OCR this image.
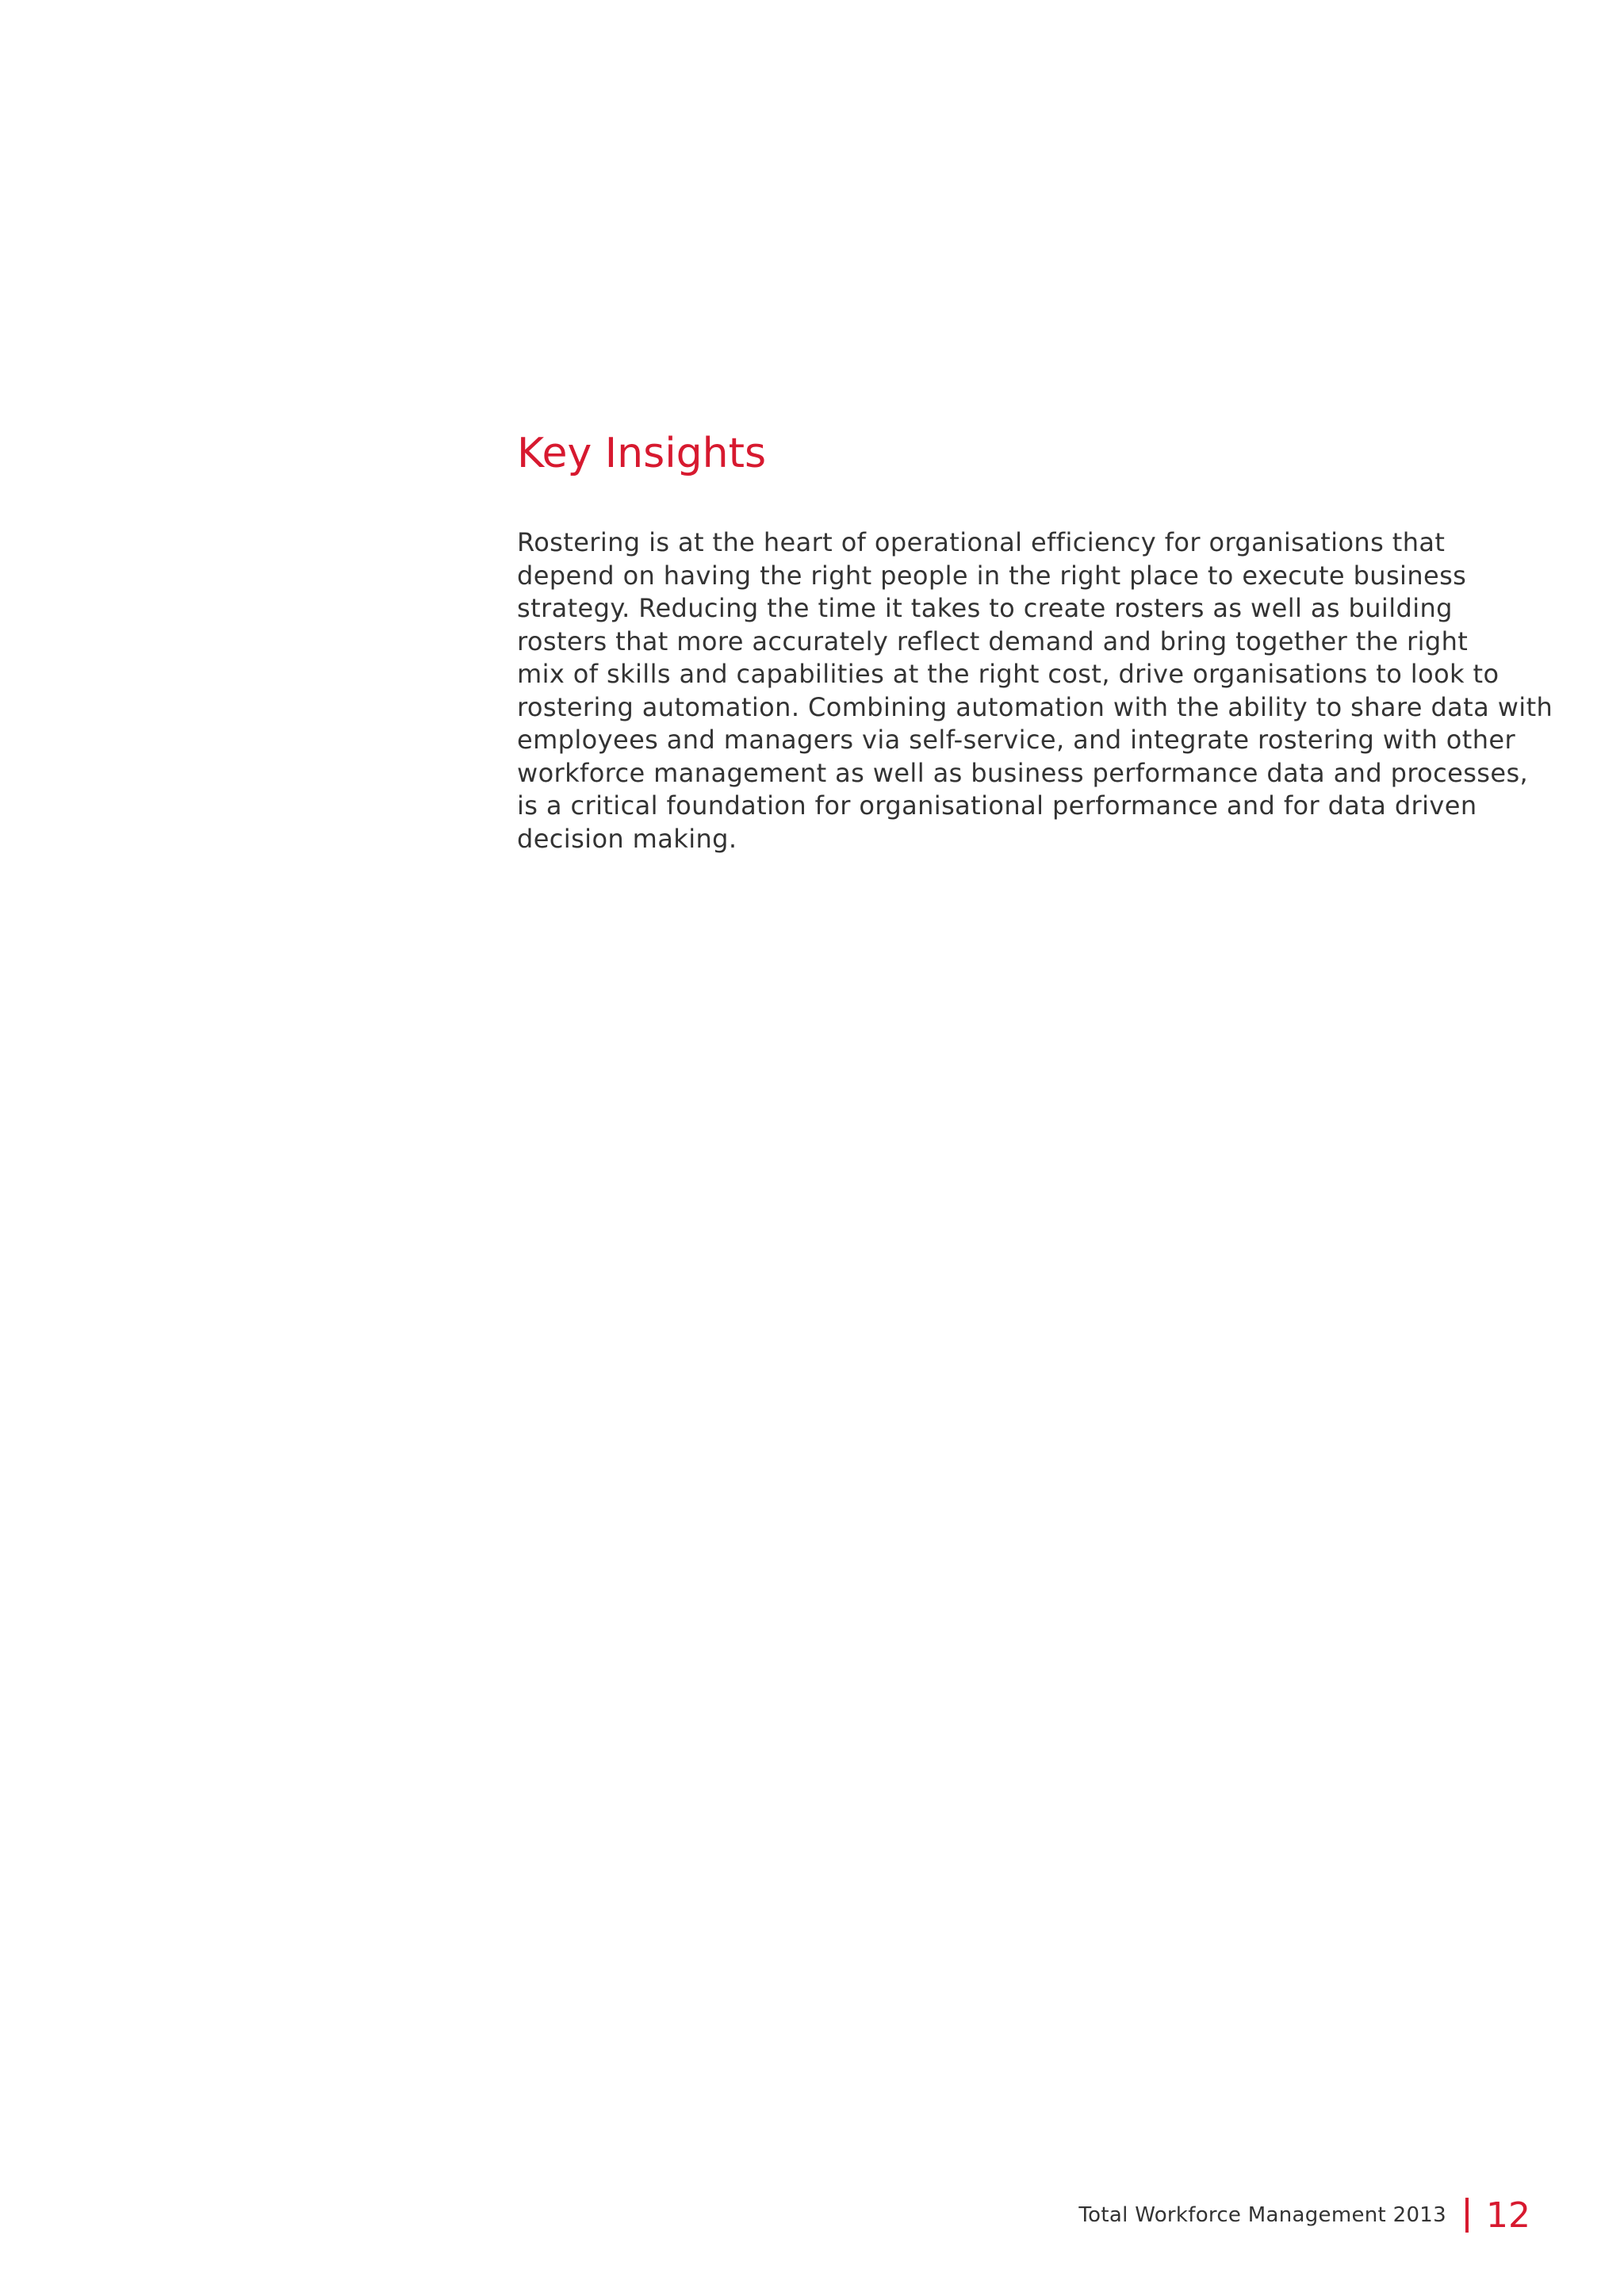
Key Insights

Rostering is at the heart of operational efficiency for organisations that
depend on having the right people in the right place to execute business
strategy. Reducing the time it takes to create rosters as well as building
rosters that more accurately reflect demand and bring together the right
mix of skills and capabilities at the right cost, drive organisations to look to
rostering automation. Combining automation with the ability to share data with
employees and managers via self-service, and integrate rostering with other
workforce management as well as business performance data and processes,
is a critical foundation for organisational performance and for data driven
decision making.

Total Workforce Management 2013 12
